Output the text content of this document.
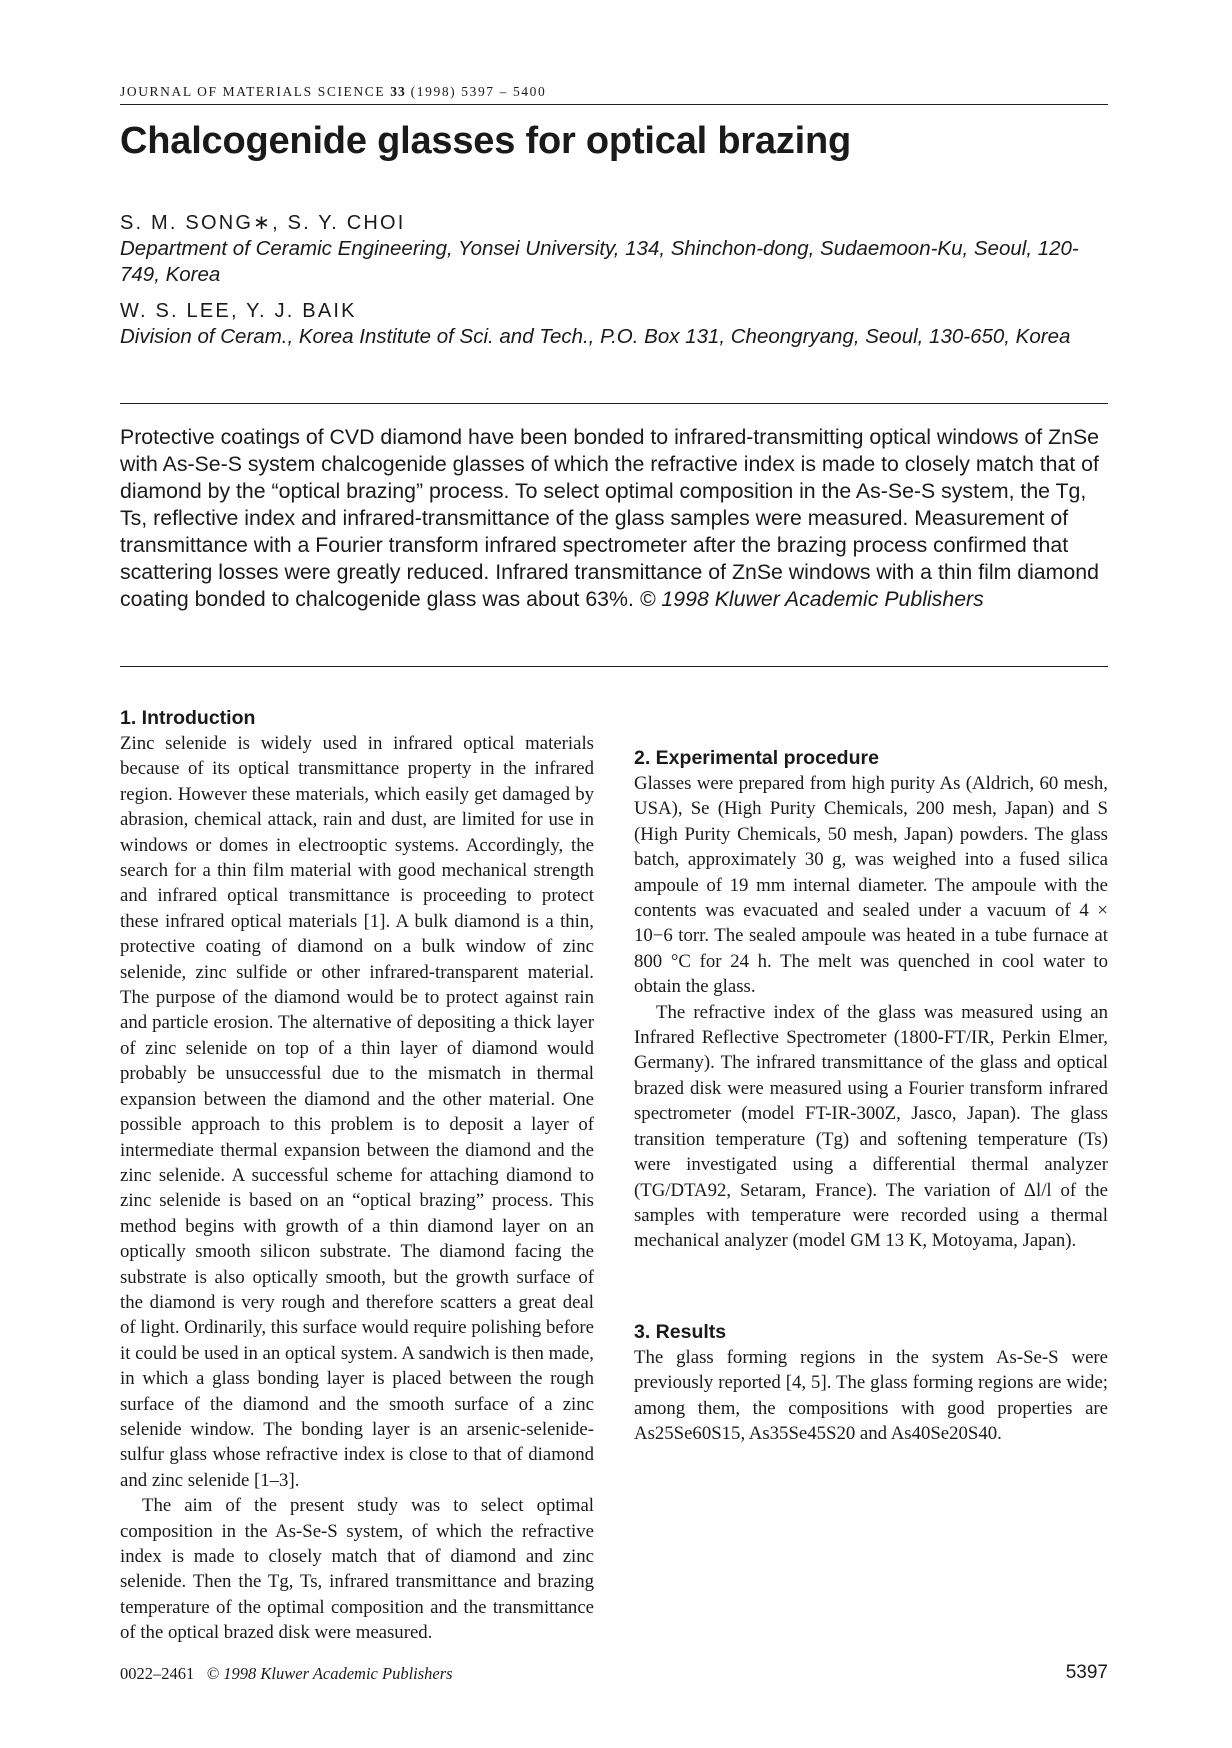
JOURNAL OF MATERIALS SCIENCE 33 (1998) 5397 – 5400
Chalcogenide glasses for optical brazing
S. M. SONG∗, S. Y. CHOI
Department of Ceramic Engineering, Yonsei University, 134, Shinchon-dong, Sudaemoon-Ku, Seoul, 120-749, Korea
W. S. LEE, Y. J. BAIK
Division of Ceram., Korea Institute of Sci. and Tech., P.O. Box 131, Cheongryang, Seoul, 130-650, Korea
Protective coatings of CVD diamond have been bonded to infrared-transmitting optical windows of ZnSe with As-Se-S system chalcogenide glasses of which the refractive index is made to closely match that of diamond by the “optical brazing” process. To select optimal composition in the As-Se-S system, the Tg, Ts, reflective index and infrared-transmittance of the glass samples were measured. Measurement of transmittance with a Fourier transform infrared spectrometer after the brazing process confirmed that scattering losses were greatly reduced. Infrared transmittance of ZnSe windows with a thin film diamond coating bonded to chalcogenide glass was about 63%. © 1998 Kluwer Academic Publishers
1. Introduction

Zinc selenide is widely used in infrared optical materials because of its optical transmittance property in the infrared region. However these materials, which easily get damaged by abrasion, chemical attack, rain and dust, are limited for use in windows or domes in electrooptic systems. Accordingly, the search for a thin film material with good mechanical strength and infrared optical transmittance is proceeding to protect these infrared optical materials [1]. A bulk diamond is a thin, protective coating of diamond on a bulk window of zinc selenide, zinc sulfide or other infrared-transparent material. The purpose of the diamond would be to protect against rain and particle erosion. The alternative of depositing a thick layer of zinc selenide on top of a thin layer of diamond would probably be unsuccessful due to the mismatch in thermal expansion between the diamond and the other material. One possible approach to this problem is to deposit a layer of intermediate thermal expansion between the diamond and the zinc selenide. A successful scheme for attaching diamond to zinc selenide is based on an “optical brazing” process. This method begins with growth of a thin diamond layer on an optically smooth silicon substrate. The diamond facing the substrate is also optically smooth, but the growth surface of the diamond is very rough and therefore scatters a great deal of light. Ordinarily, this surface would require polishing before it could be used in an optical system. A sandwich is then made, in which a glass bonding layer is placed between the rough surface of the diamond and the smooth surface of a zinc selenide window. The bonding layer is an arsenic-selenide-sulfur glass whose refractive index is close to that of diamond and zinc selenide [1–3].

The aim of the present study was to select optimal composition in the As-Se-S system, of which the refractive index is made to closely match that of diamond and zinc selenide. Then the Tg, Ts, infrared transmittance and brazing temperature of the optimal composition and the transmittance of the optical brazed disk were measured.

2. Experimental procedure

Glasses were prepared from high purity As (Aldrich, 60 mesh, USA), Se (High Purity Chemicals, 200 mesh, Japan) and S (High Purity Chemicals, 50 mesh, Japan) powders. The glass batch, approximately 30 g, was weighed into a fused silica ampoule of 19 mm internal diameter. The ampoule with the contents was evacuated and sealed under a vacuum of 4 × 10−6 torr. The sealed ampoule was heated in a tube furnace at 800 °C for 24 h. The melt was quenched in cool water to obtain the glass.

The refractive index of the glass was measured using an Infrared Reflective Spectrometer (1800-FT/IR, Perkin Elmer, Germany). The infrared transmittance of the glass and optical brazed disk were measured using a Fourier transform infrared spectrometer (model FT-IR-300Z, Jasco, Japan). The glass transition temperature (Tg) and softening temperature (Ts) were investigated using a differential thermal analyzer (TG/DTA92, Setaram, France). The variation of Δl/l of the samples with temperature were recorded using a thermal mechanical analyzer (model GM 13 K, Motoyama, Japan).

3. Results

The glass forming regions in the system As-Se-S were previously reported [4, 5]. The glass forming regions are wide; among them, the compositions with good properties are As25Se60S15, As35Se45S20 and As40Se20S40.

0022–2461 © 1998 Kluwer Academic Publishers	5397
